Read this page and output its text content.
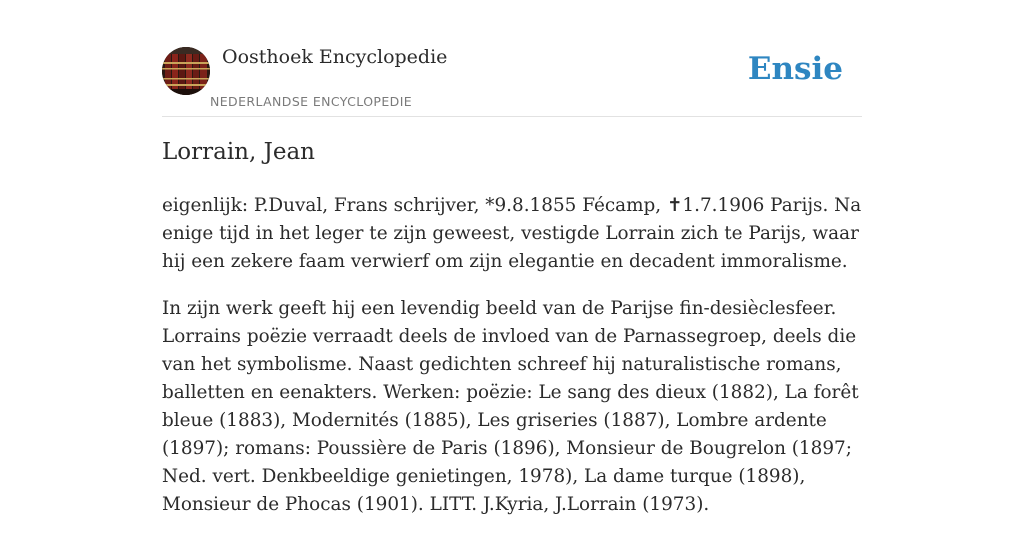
Oosthoek Encyclopedie
NEDERLANDSE ENCYCLOPEDIE
Ensie
Lorrain, Jean

eigenlijk: P.Duval, Frans schrijver, *9.8.1855 Fécamp, ✝1.7.1906 Parijs. Na enige tijd in het leger te zijn geweest, vestigde Lorrain zich te Parijs, waar hij een zekere faam verwierf om zijn elegantie en decadent immoralisme.

In zijn werk geeft hij een levendig beeld van de Parijse fin-desièclesfeer. Lorrains poëzie verraadt deels de invloed van de Parnassegroep, deels die van het symbolisme. Naast gedichten schreef hij naturalistische romans, balletten en eenakters. Werken: poëzie: Le sang des dieux (1882), La forêt bleue (1883), Modernités (1885), Les griseries (1887), Lombre ardente (1897); romans: Poussière de Paris (1896), Monsieur de Bougrelon (1897; Ned. vert. Denkbeeldige genietingen, 1978), La dame turque (1898), Monsieur de Phocas (1901). LITT. J.Kyria, J.Lorrain (1973).
